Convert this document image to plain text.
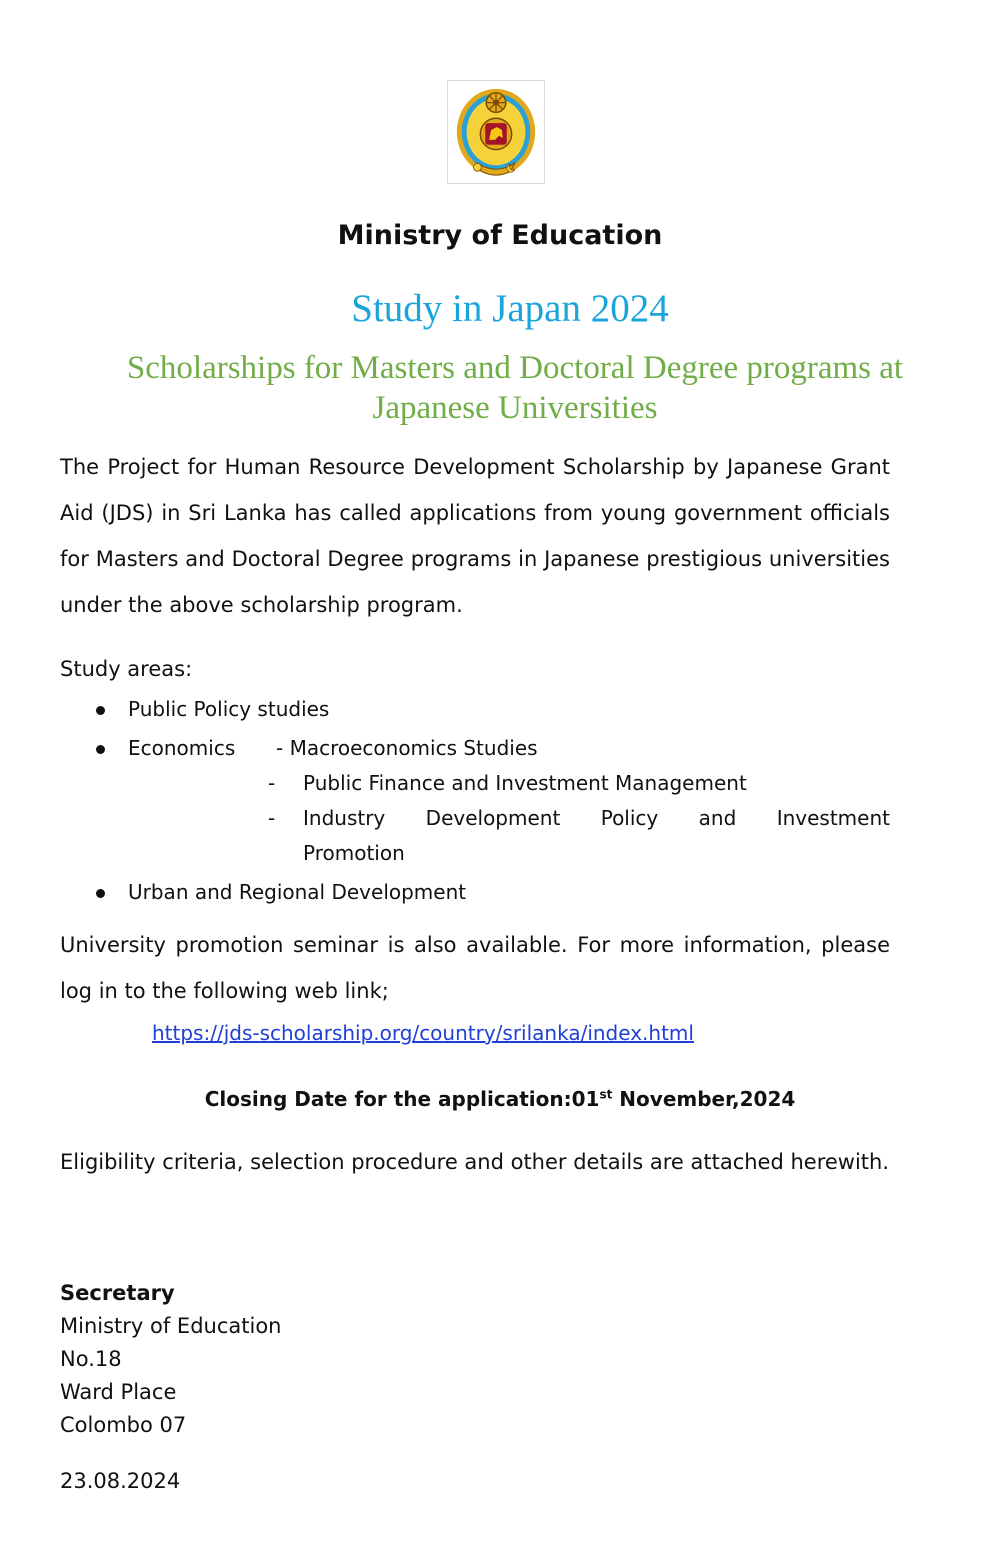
Ministry of Education
Study in Japan 2024
Scholarships for Masters and Doctoral Degree programs at
Japanese Universities
The Project for Human Resource Development Scholarship by Japanese Grant Aid (JDS) in Sri Lanka has called applications from young government officials for Masters and Doctoral Degree programs in Japanese prestigious universities under the above scholarship program.
Study areas:
Public Policy studies
Economics - Macroeconomics Studies
- Public Finance and Investment Management
- Industry Development Policy and Investment
Promotion
Urban and Regional Development
University promotion seminar is also available. For more information, please log in to the following web link;
https://jds-scholarship.org/country/srilanka/index.html
Closing Date for the application:01st November,2024
Eligibility criteria, selection procedure and other details are attached herewith.
Secretary
Ministry of Education
No.18
Ward Place
Colombo 07
23.08.2024
